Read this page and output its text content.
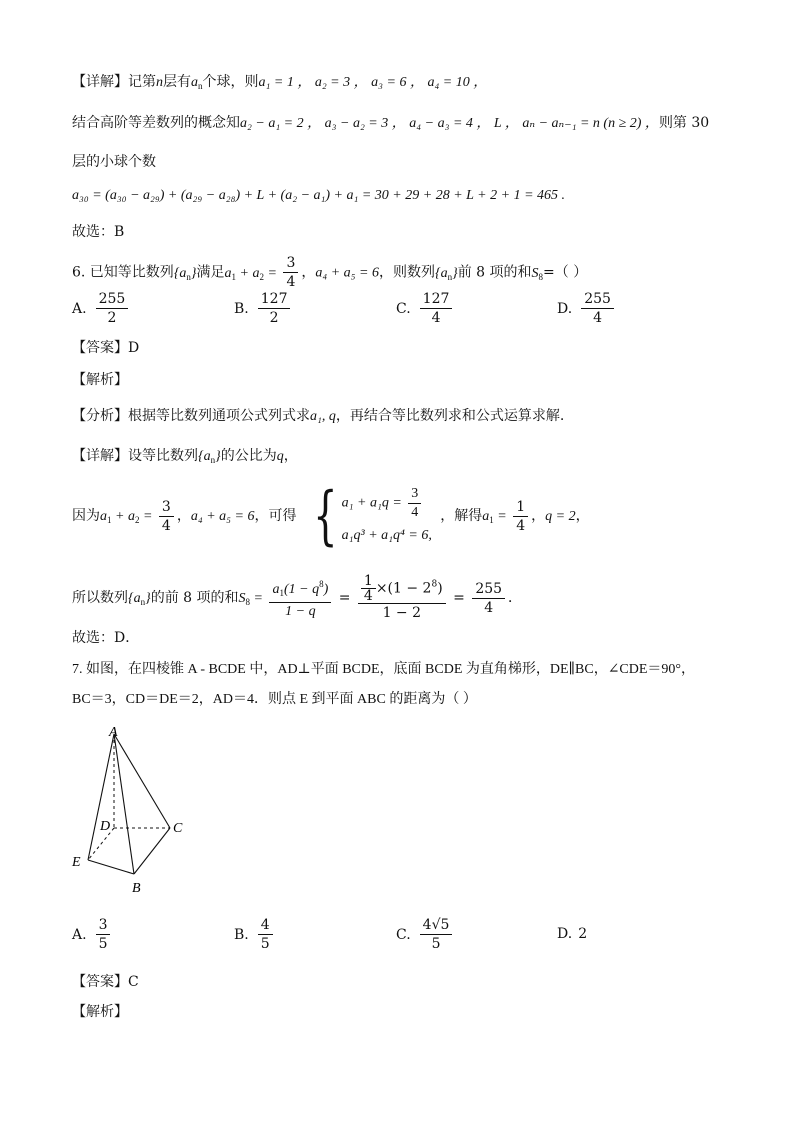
【详解】记第n层有$a_n$个球，则a₁ = 1 ， a₂ = 3 ， a₃ = 6 ， a₄ = 10 ，
结合高阶等差数列的概念知a₂ − a₁ = 2 ， a₃ − a₂ = 3 ， a₄ − a₃ = 4 ， L ， aₙ − aₙ₋₁ = n (n ≥ 2) ，则第 30
层的小球个数
a₃₀ = (a₃₀ − a₂₉) + (a₂₉ − a₂₈) + L + (a₂ − a₁) + a₁ = 30 + 29 + 28 + L + 2 + 1 = 465 .
故选：B
6. 已知等比数列$\{a_n\}$满足$a_1 + a_2 = \frac{3}{4}$ ，a₄ + a₅ = 6，则数列$\{a_n\}$前 8 项的和$S_8=$（ ）
A. $\frac{255}{2}$	B. $\frac{127}{2}$	C. $\frac{127}{4}$	D. $\frac{255}{4}$
【答案】D
【解析】
【分析】根据等比数列通项公式列式求a₁, q，再结合等比数列求和公式运算求解.
【详解】设等比数列$\{a_n\}$的公比为q，
因为$a_1 + a_2 = \frac{3}{4}$ ，a₄ + a₅ = 6，可得 { $a_1 + a_1q = \frac{3}{4}$
a₁q³ + a₁q⁴ = 6,
，解得$a_1 = \frac{1}{4}$ ，q = 2，
所以数列$\{a_n\}$的前 8 项的和$S_8 = \frac{a_1(1 - q^8)}{1 - q} = \frac{\frac{1}{4} \times(1 - 2^8)}{1 - 2} = \frac{255}{4}$ ．
故选：D．
7. 如图，在四棱锥 A - BCDE 中，AD⊥平面 BCDE，底面 BCDE 为直角梯形，DE∥BC，∠CDE＝90°，
BC＝3，CD＝DE＝2，AD＝4．则点 E 到平面 ABC 的距离为（ ）
A
D	C
E
B
A. $\frac{3}{5}$	B. $\frac{4}{5}$	C. $\frac{4√5}{5}$	D. 2
【答案】C
【解析】
